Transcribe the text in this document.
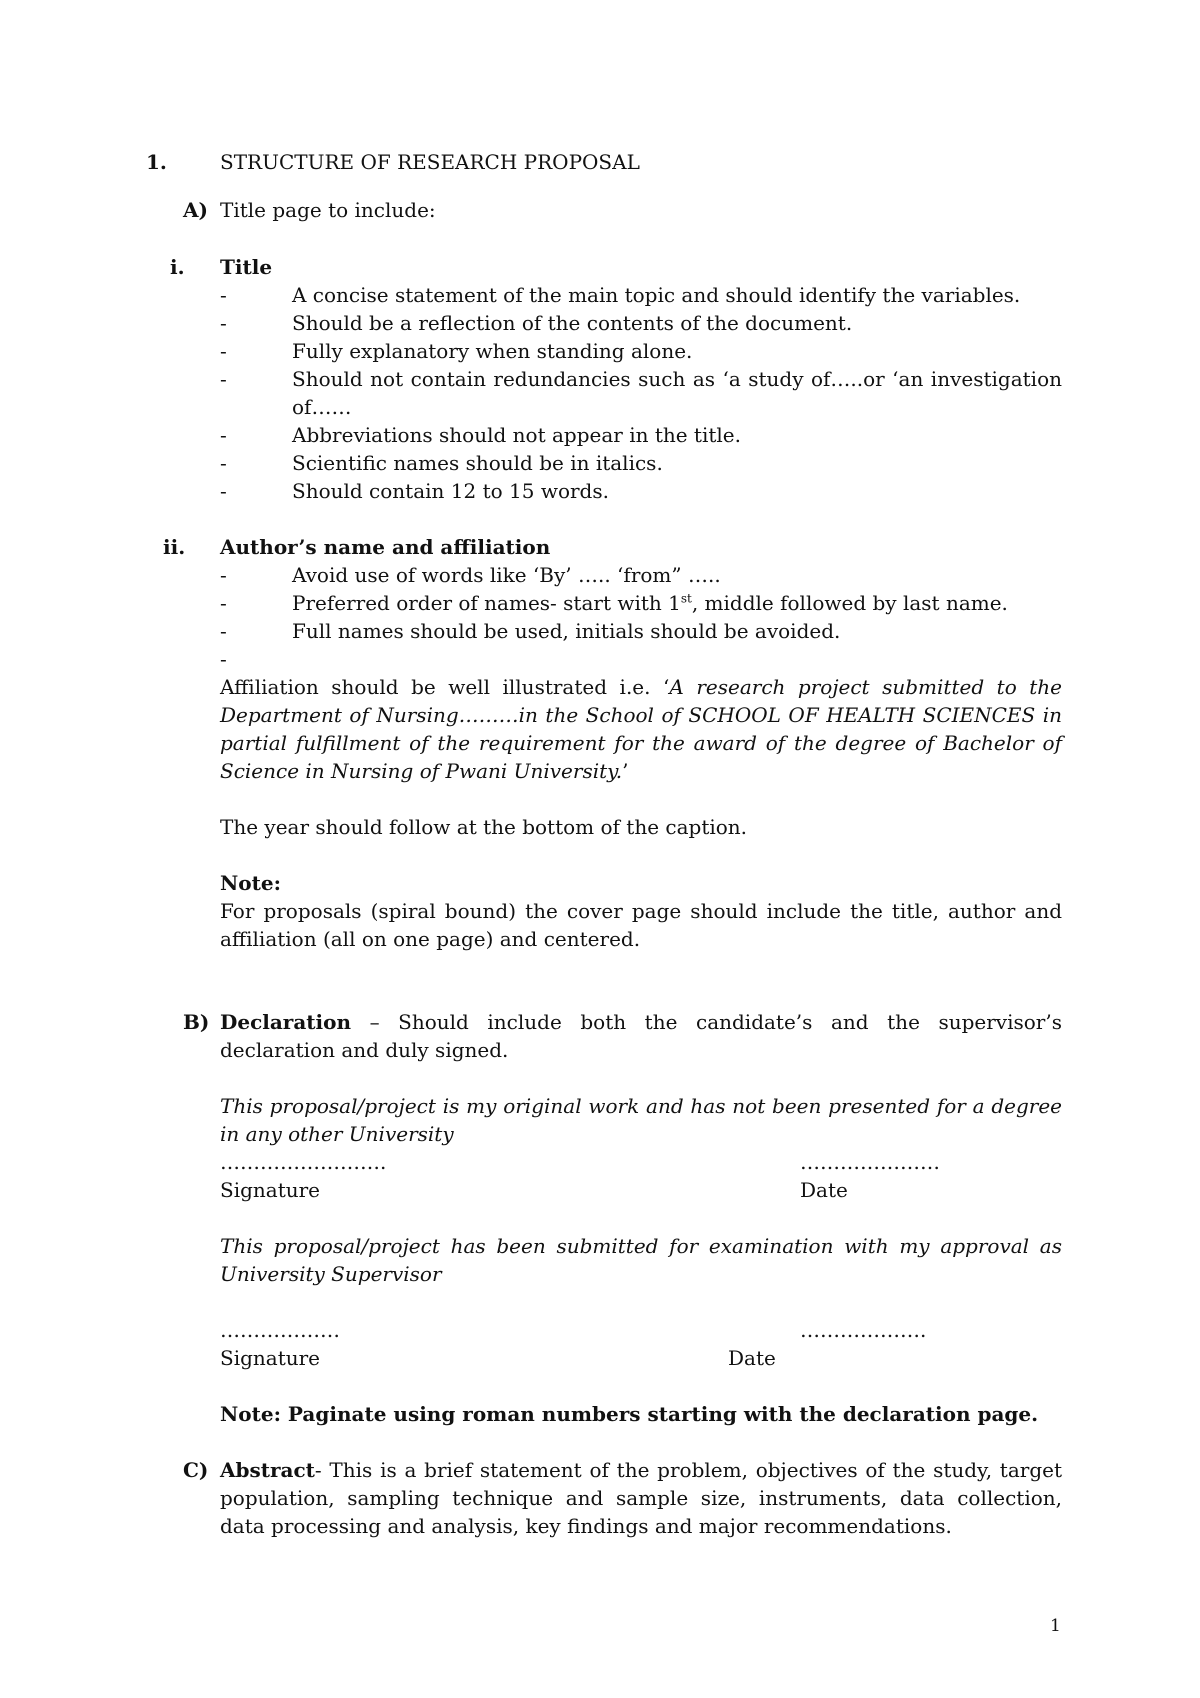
1.	STRUCTURE OF RESEARCH PROPOSAL
A) Title page to include:
i. Title
-	A concise statement of the main topic and should identify the variables.
-	Should be a reflection of the contents of the document.
-	Fully explanatory when standing alone.
-	Should not contain redundancies such as ‘a study of…..or ‘an investigation of……
-	Abbreviations should not appear in the title.
-	Scientific names should be in italics.
-	Should contain 12 to 15 words.
ii. Author’s name and affiliation
-	Avoid use of words like ‘By’ ….. ‘from” …..
-	Preferred order of names- start with 1st, middle followed by last name.
-	Full names should be used, initials should be avoided.
-
Affiliation should be well illustrated i.e. ‘A research project submitted to the Department of Nursing………in the School of SCHOOL OF HEALTH SCIENCES in partial fulfillment of the requirement for the award of the degree of Bachelor of Science in Nursing of Pwani University.’
The year should follow at the bottom of the caption.
Note:
For proposals (spiral bound) the cover page should include the title, author and affiliation (all on one page) and centered.
B) Declaration – Should include both the candidate’s and the supervisor’s declaration and duly signed.
This proposal/project is my original work and has not been presented for a degree in any other University
…………………….	…………………
Signature	Date
This proposal/project has been submitted for examination with my approval as University Supervisor
………………	……………….
Signature	Date
Note: Paginate using roman numbers starting with the declaration page.
C) Abstract- This is a brief statement of the problem, objectives of the study, target population, sampling technique and sample size, instruments, data collection, data processing and analysis, key findings and major recommendations.
1
